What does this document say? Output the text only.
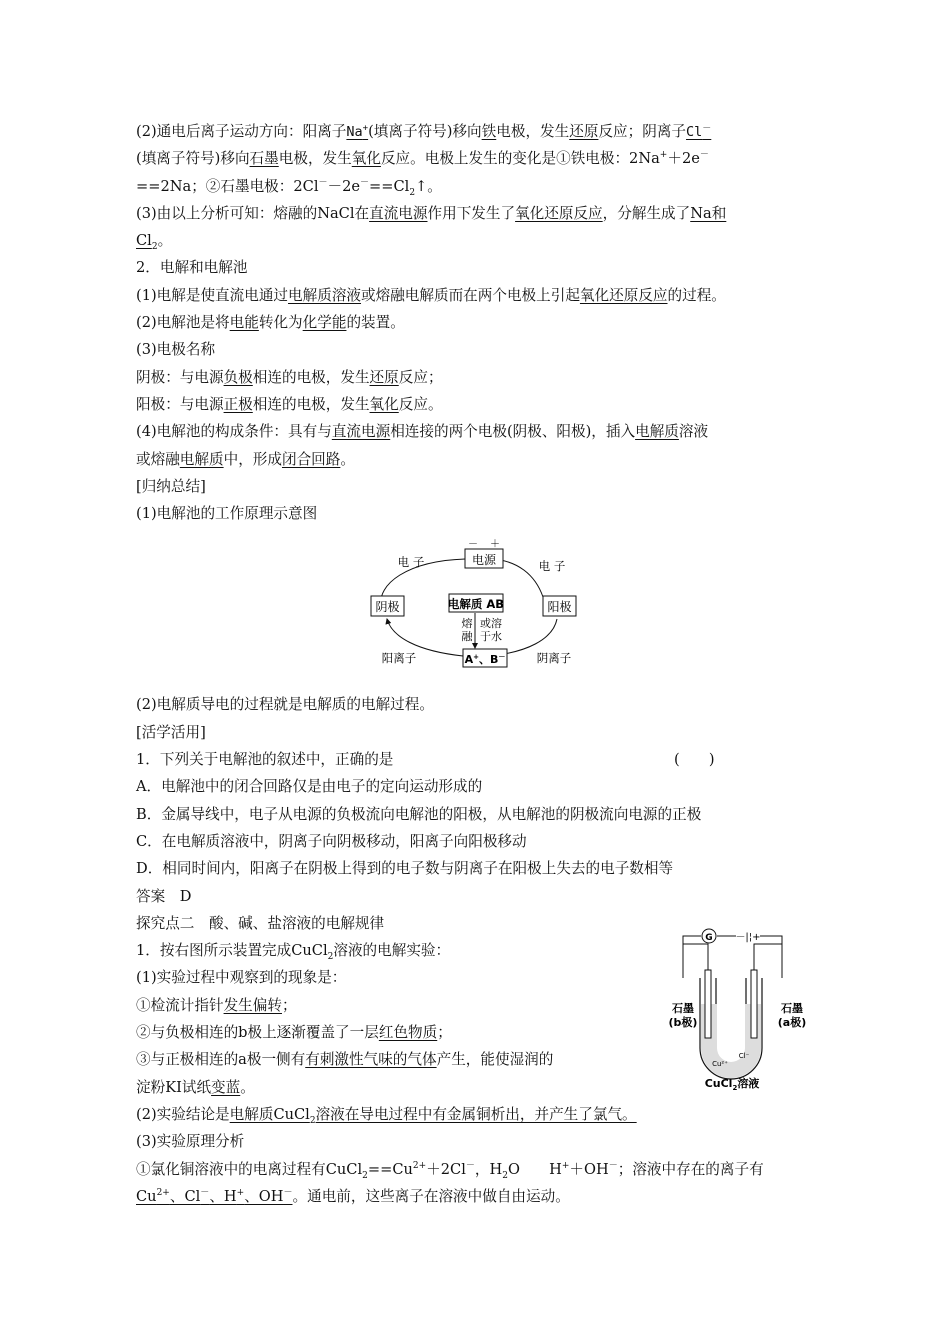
(2)通电后离子运动方向：阳离子Na+(填离子符号)移向铁电极，发生还原反应；阴离子Cl－
(填离子符号)移向石墨电极，发生氧化反应。电极上发生的变化是①铁电极：2Na+＋2e－
==2Na；②石墨电极：$2Cl^--2e^-==Cl_2↑$。
(3)由以上分析可知：熔融的NaCl在直流电源作用下发生了氧化还原反应，分解生成了Na和
$Cl_2$。
2．电解和电解池
(1)电解是使直流电通过电解质溶液或熔融电解质而在两个电极上引起氧化还原反应的过程。
(2)电解池是将电能转化为化学能的装置。
(3)电极名称
阴极：与电源负极相连的电极，发生还原反应；
阳极：与电源正极相连的电极，发生氧化反应。
(4)电解池的构成条件：具有与直流电源相连接的两个电极(阴极、阳极)，插入电解质溶液
或熔融电解质中，形成闭合回路。
[归纳总结]
(1)电解池的工作原理示意图
(2)电解质导电的过程就是电解质的电解过程。
[活学活用]
1．下列关于电解池的叙述中，正确的是	(　　)
A．电解池中的闭合回路仅是由电子的定向运动形成的
B．金属导线中，电子从电源的负极流向电解池的阳极，从电解池的阴极流向电源的正极
C．在电解质溶液中，阴离子向阴极移动，阳离子向阳极移动
D．相同时间内，阳离子在阴极上得到的电子数与阴离子在阳极上失去的电子数相等
答案　D
探究点二　酸、碱、盐溶液的电解规律
1．按右图所示装置完成CuCl$_2$溶液的电解实验：
(1)实验过程中观察到的现象是：
①检流计指针发生偏转；
②与负极相连的b极上逐渐覆盖了一层红色物质；
③与正极相连的a极一侧有有刺激性气味的气体产生，能使湿润的
淀粉KI试纸变蓝。
(2)实验结论是电解质CuCl$_2$溶液在导电过程中有金属铜析出，并产生了氯气。
(3)实验原理分析
①氯化铜溶液中的电离过程有$CuCl_2==Cu^{2+}+2Cl^-$，$H_2O$　　H+＋OH－；溶液中存在的离子有
$Cu^{2+}$、Cl－、H+、OH－。通电前，这些离子在溶液中做自由运动。
电源
－ ＋
电 子	电 子
阴极	阳极
电解质 AB
熔
融
或溶
于水
A+、B－
阳离子	阴离子
G －|¦+
石墨
(b极)
石墨
(a极)
Cu²⁺
Cl⁻
CuCl$_2$溶液
